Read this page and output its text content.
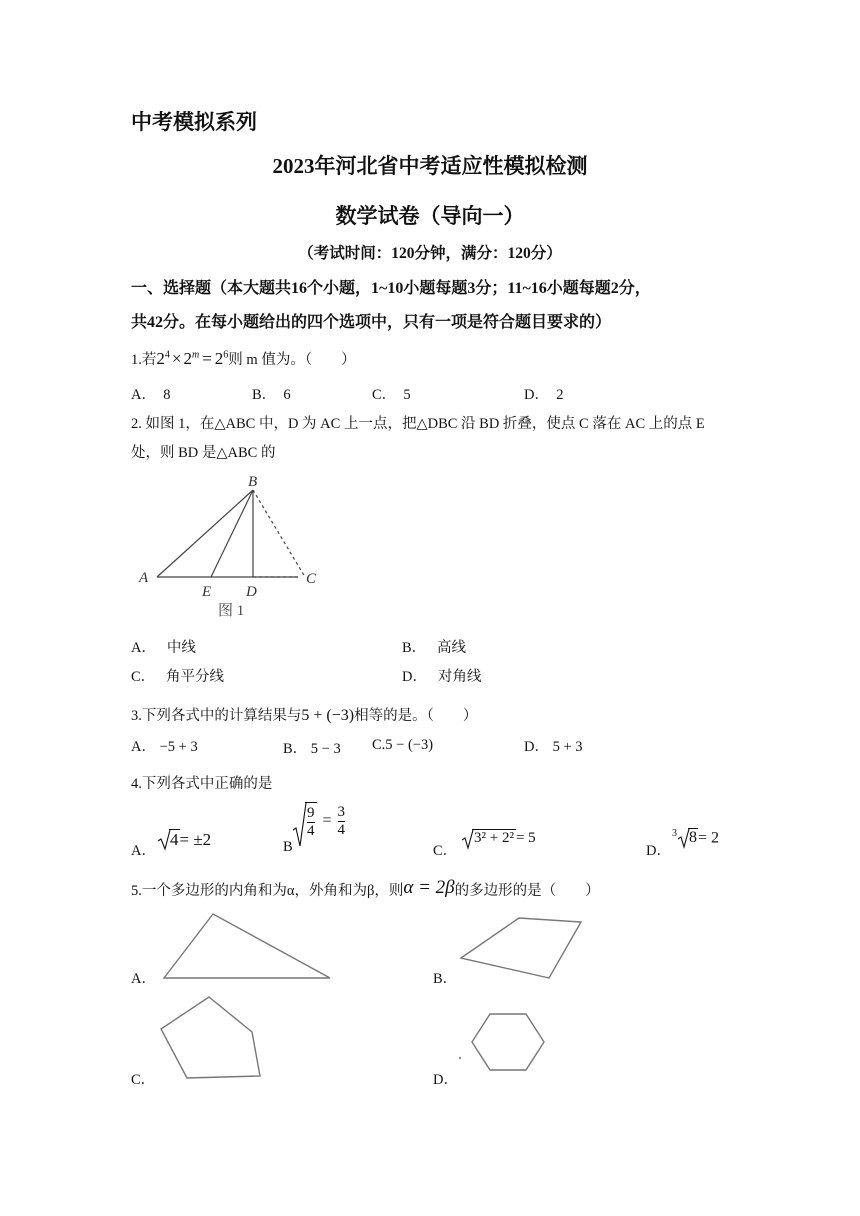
中考模拟系列
2023年河北省中考适应性模拟检测
数学试卷（导向一）
（考试时间：120分钟，满分：120分）
一、选择题（本大题共16个小题，1~10小题每题3分；11~16小题每题2分，
共42分。在每小题给出的四个选项中，只有一项是符合题目要求的）
1.若$2^4 \times 2^m = 2^6$则 m 值为。（　　）
A． 8	B． 6	C． 5	D． 2
2. 如图 1，在△ABC 中，D 为 AC 上一点，把△DBC 沿 BD 折叠，使点 C 落在 AC 上的点 E
处，则 BD 是△ABC 的
B
A
E D
C
图 1
A． 中线	B． 高线
C． 角平分线	D． 对角线
3.下列各式中的计算结果与5 + (−3)相等的是。（　　）
A． −5 + 3	B． 5 − 3 C.5 − (−3)	D． 5 + 3
4.下列各式中正确的是
A．
4= ±2	B
$\frac{9}{4} = \frac{3}{4}$
C．
3² + 2² = 5
D．
$^3$ 8= 2
5.一个多边形的内角和为α，外角和为β，则α = 2β的多边形的是（　　）
A．	B．
C．	D．
